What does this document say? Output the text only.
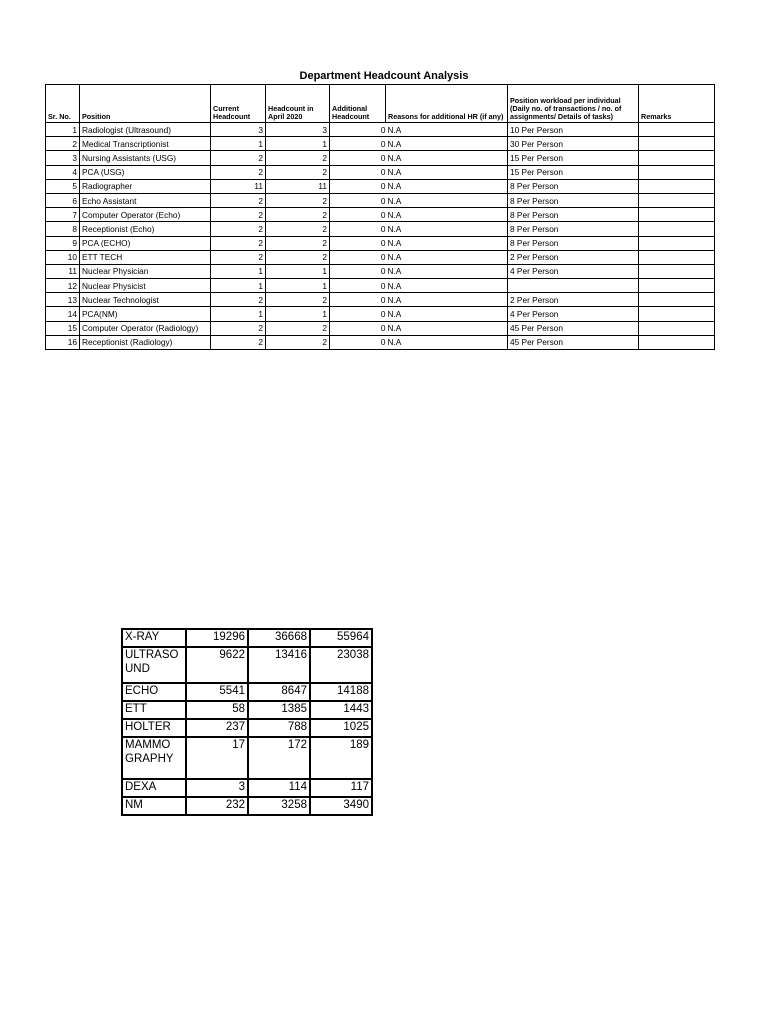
Department Headcount Analysis
Sr. No.	Position	Current Headcount	Headcount in April 2020	Additional Headcount	Reasons for additional HR (if any)	Position workload per individual (Daily no. of transactions / no. of assignments/ Details of tasks)	Remarks
1	Radiologist (Ultrasound)	3	3	0	N.A	10 Per Person	
2	Medical Transcriptionist	1	1	0	N.A	30 Per Person	
3	Nursing Assistants (USG)	2	2	0	N.A	15 Per Person	
4	PCA (USG)	2	2	0	N.A	15 Per Person	
5	Radiographer	11	11	0	N.A	8 Per Person	
6	Echo Assistant	2	2	0	N.A	8 Per Person	
7	Computer Operator (Echo)	2	2	0	N.A	8 Per Person	
8	Receptionist (Echo)	2	2	0	N.A	8 Per Person	
9	PCA (ECHO)	2	2	0	N.A	8 Per Person	
10	ETT TECH	2	2	0	N.A	2 Per Person	
11	Nuclear Physician	1	1	0	N.A	4 Per Person	
12	Nuclear Physicist	1	1	0	N.A		
13	Nuclear Technologist	2	2	0	N.A	2 Per Person	
14	PCA(NM)	1	1	0	N.A	4 Per Person	
15	Computer Operator (Radiology)	2	2	0	N.A	45 Per Person	
16	Receptionist (Radiology)	2	2	0	N.A	45 Per Person	
X-RAY	19296	36668	55964
ULTRASO UND	9622	13416	23038
ECHO	5541	8647	14188
ETT	58	1385	1443
HOLTER	237	788	1025
MAMMO GRAPHY	17	172	189
DEXA	3	114	117
NM	232	3258	3490
